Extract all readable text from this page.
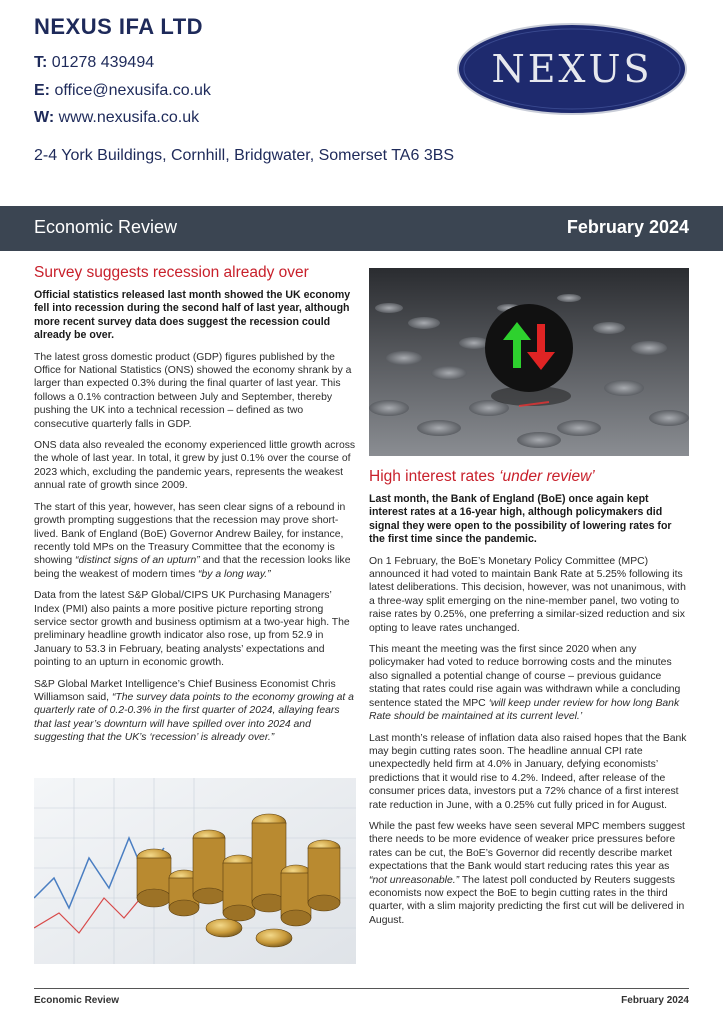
NEXUS IFA LTD
T: 01278 439494
E: office@nexusifa.co.uk
W: www.nexusifa.co.uk
2-4 York Buildings, Cornhill, Bridgwater, Somerset TA6 3BS
NEXUS
Economic Review	February 2024
Survey suggests recession already over
Official statistics released last month showed the UK economy fell into recession during the second half of last year, although more recent survey data does suggest the recession could already be over.

The latest gross domestic product (GDP) figures published by the Office for National Statistics (ONS) showed the economy shrank by a larger than expected 0.3% during the final quarter of last year. This follows a 0.1% contraction between July and September, thereby pushing the UK into a technical recession – defined as two consecutive quarterly falls in GDP.

ONS data also revealed the economy experienced little growth across the whole of last year. In total, it grew by just 0.1% over the course of 2023 which, excluding the pandemic years, represents the weakest annual rate of growth since 2009.

The start of this year, however, has seen clear signs of a rebound in growth prompting suggestions that the recession may prove short-lived. Bank of England (BoE) Governor Andrew Bailey, for instance, recently told MPs on the Treasury Committee that the economy is showing “distinct signs of an upturn” and that the recession looks like being the weakest of modern times “by a long way.”

Data from the latest S&P Global/CIPS UK Purchasing Managers’ Index (PMI) also paints a more positive picture reporting strong service sector growth and business optimism at a two-year high. The preliminary headline growth indicator also rose, up from 52.9 in January to 53.3 in February, beating analysts’ expectations and pointing to an upturn in economic growth.

S&P Global Market Intelligence’s Chief Business Economist Chris Williamson said, “The survey data points to the economy growing at a quarterly rate of 0.2-0.3% in the first quarter of 2024, allaying fears that last year’s downturn will have spilled over into 2024 and suggesting that the UK’s ‘recession’ is already over.”

High interest rates ‘under review’
Last month, the Bank of England (BoE) once again kept interest rates at a 16-year high, although policymakers did signal they were open to the possibility of lowering rates for the first time since the pandemic.

On 1 February, the BoE’s Monetary Policy Committee (MPC) announced it had voted to maintain Bank Rate at 5.25% following its latest deliberations. This decision, however, was not unanimous, with a three-way split emerging on the nine-member panel, two voting to raise rates by 0.25%, one preferring a similar-sized reduction and six opting to leave rates unchanged.

This meant the meeting was the first since 2020 when any policymaker had voted to reduce borrowing costs and the minutes also signalled a potential change of course – previous guidance stating that rates could rise again was withdrawn while a concluding sentence stated the MPC ‘will keep under review for how long Bank Rate should be maintained at its current level.’

Last month’s release of inflation data also raised hopes that the Bank may begin cutting rates soon. The headline annual CPI rate unexpectedly held firm at 4.0% in January, defying economists’ predictions that it would rise to 4.2%. Indeed, after release of the consumer prices data, investors put a 72% chance of a first interest rate reduction in June, with a 0.25% cut fully priced in for August.

While the past few weeks have seen several MPC members suggest there needs to be more evidence of weaker price pressures before rates can be cut, the BoE’s Governor did recently describe market expectations that the Bank would start reducing rates this year as “not unreasonable.” The latest poll conducted by Reuters suggests economists now expect the BoE to begin cutting rates in the third quarter, with a slim majority predicting the first cut will be delivered in August.

Economic Review	February 2024
